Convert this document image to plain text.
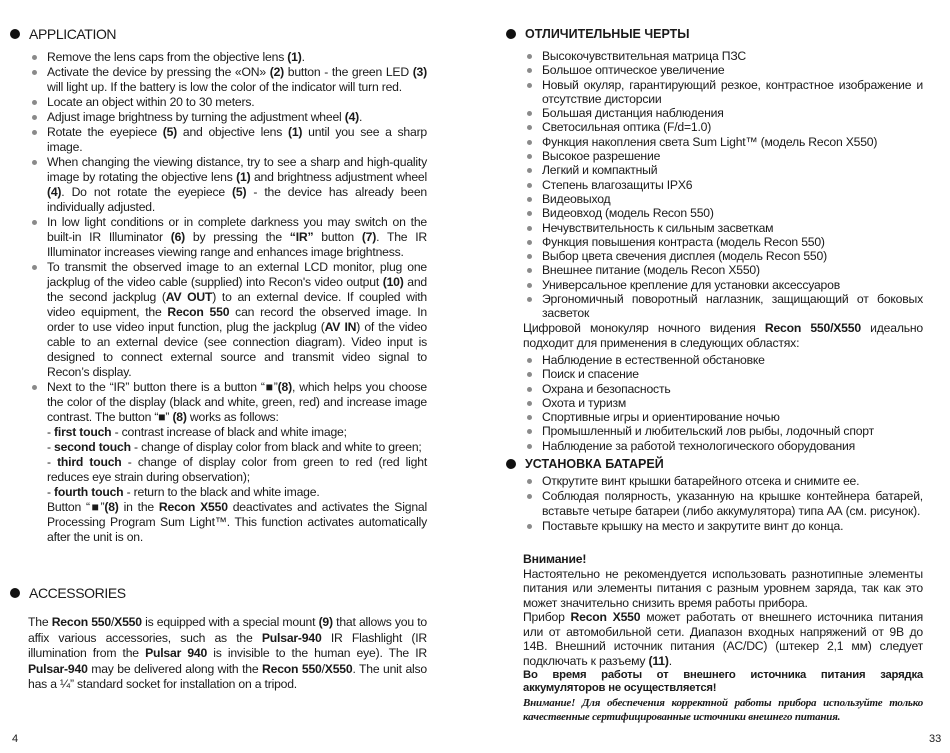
APPLICATION
Remove the lens caps from the objective lens (1).
Activate the device by pressing the «ON» (2) button - the green LED (3) will light up. If the battery is low the color of the indicator will turn red.
Locate an object within 20 to 30 meters.
Adjust image brightness by turning the adjustment wheel (4).
Rotate the eyepiece (5) and objective lens (1) until you see a sharp image.
When changing the viewing distance, try to see a sharp and high-quality image by rotating the objective lens (1) and brightness adjustment wheel (4). Do not rotate the eyepiece (5) - the device has already been individually adjusted.
In low light conditions or in complete darkness you may switch on the built-in IR Illuminator (6) by pressing the “IR” button (7). The IR Illuminator increases viewing range and enhances image brightness.
To transmit the observed image to an external LCD monitor, plug one jackplug of the video cable (supplied) into Recon's video output (10) and the second jackplug (AV OUT) to an external device. If coupled with video equipment, the Recon 550 can record the observed image. In order to use video input function, plug the jackplug (AV IN) of the video cable to an external device (see connection diagram). Video input is designed to connect external source and transmit video signal to Recon’s display.
Next to the “IR” button there is a button “■”(8), which helps you choose the color of the display (black and white, green, red) and increase image contrast. The button “■” (8) works as follows:
- first touch - contrast increase of black and white image;
- second touch - change of display color from black and white to green;
- third touch - change of display color from green to red (red light reduces eye strain during observation);
- fourth touch - return to the black and white image.
Button “■”(8) in the Recon X550 deactivates and activates the Signal Processing Program Sum Light™. This function activates automatically after the unit is on.
ACCESSORIES
The Recon 550/X550 is equipped with a special mount (9) that allows you to affix various accessories, such as the Pulsar-940 IR Flashlight (IR illumination from the Pulsar 940 is invisible to the human eye). The IR Pulsar-940 may be delivered along with the Recon 550/X550. The unit also has a ¼” standard socket for installation on a tripod.
4
ОТЛИЧИТЕЛЬНЫЕ ЧЕРТЫ
Высокочувствительная матрица ПЗС
Большое оптическое увеличение
Новый окуляр, гарантирующий резкое, контрастное изображение и отсутствие дисторсии
Большая дистанция наблюдения
Светосильная оптика (F/d=1.0)
Функция накопления света Sum Light™ (модель Recon X550)
Высокое разрешение
Легкий и компактный
Степень влагозащиты IPX6
Видеовыход
Видеовход (модель Recon 550)
Нечувствительность к сильным засветкам
Функция повышения контраста (модель Recon 550)
Выбор цвета свечения дисплея (модель Recon 550)
Внешнее питание (модель Recon X550)
Универсальное крепление для установки аксессуаров
Эргономичный поворотный наглазник, защищающий от боковых засветок
Цифровой монокуляр ночного видения Recon 550/X550 идеально подходит для применения в следующих областях:
Наблюдение в естественной обстановке
Поиск и спасение
Охрана и безопасность
Охота и туризм
Спортивные игры и ориентирование ночью
Промышленный и любительский лов рыбы, лодочный спорт
Наблюдение за работой технологического оборудования
УСТАНОВКА БАТАРЕЙ
Открутите винт крышки батарейного отсека и снимите ее.
Соблюдая полярность, указанную на крышке контейнера батарей, вставьте четыре батареи (либо аккумулятора) типа АА (см. рисунок).
Поставьте крышку на место и закрутите винт до конца.
Внимание!
Настоятельно не рекомендуется использовать разнотипные элементы питания или элементы питания с разным уровнем заряда, так как это может значительно снизить время работы прибора.
Прибор Recon X550 может работать от внешнего источника питания или от автомобильной сети. Диапазон входных напряжений от 9В до 14В. Внешний источник питания (AC/DC) (штекер 2,1 мм) следует подключать к разъему (11).
Во время работы от внешнего источника питания зарядка аккумуляторов не осуществляется!
Внимание! Для обеспечения корректной работы прибора используйте только качественные сертифицированные источники внешнего питания.
33
